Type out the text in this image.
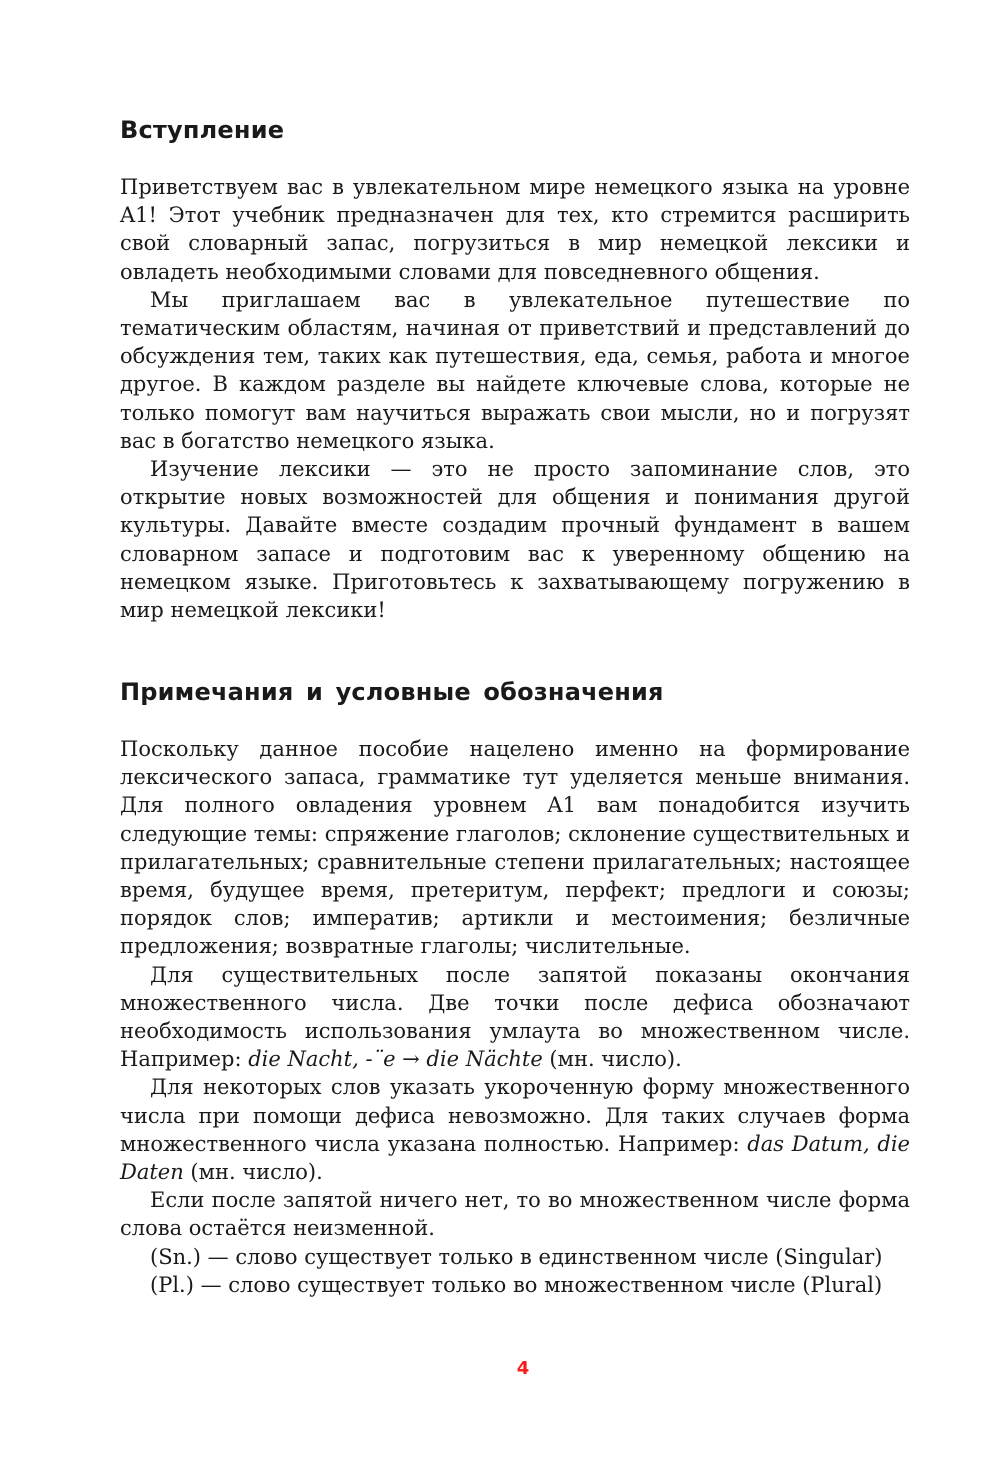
Вступление

Приветствуем вас в увлекательном мире немецкого языка на уровне A1! Этот учебник предназначен для тех, кто стремится расширить свой словарный запас, погрузиться в мир немецкой лексики и овладеть необходимыми словами для повседневного общения.

Мы приглашаем вас в увлекательное путешествие по тематическим областям, начиная от приветствий и представлений до обсуждения тем, таких как путешествия, еда, семья, работа и многое другое. В каждом разделе вы найдете ключевые слова, которые не только помогут вам научиться выражать свои мысли, но и погрузят вас в богатство немецкого языка.

Изучение лексики — это не просто запоминание слов, это открытие новых возможностей для общения и понимания другой культуры. Давайте вместе создадим прочный фундамент в вашем словарном запасе и подготовим вас к уверенному общению на немецком языке. Приготовьтесь к захватывающему погружению в мир немецкой лексики!

Примечания и условные обозначения

Поскольку данное пособие нацелено именно на формирование лексического запаса, грамматике тут уделяется меньше внимания. Для полного овладения уровнем A1 вам понадобится изучить следующие темы: спряжение глаголов; склонение существительных и прилагательных; сравнительные степени прилагательных; настоящее время, будущее время, претеритум, перфект; предлоги и союзы; порядок слов; императив; артикли и местоимения; безличные предложения; возвратные глаголы; числительные.

Для существительных после запятой показаны окончания множественного числа. Две точки после дефиса обозначают необходимость использования умлаута во множественном числе. Например: die Nacht, -¨e → die Nächte (мн. число).

Для некоторых слов указать укороченную форму множественного числа при помощи дефиса невозможно. Для таких случаев форма множественного числа указана полностью. Например: das Datum, die Daten (мн. число).

Если после запятой ничего нет, то во множественном числе форма слова остаётся неизменной.

(Sn.) — слово существует только в единственном числе (Singular)

(Pl.) — слово существует только во множественном числе (Plural)

4
